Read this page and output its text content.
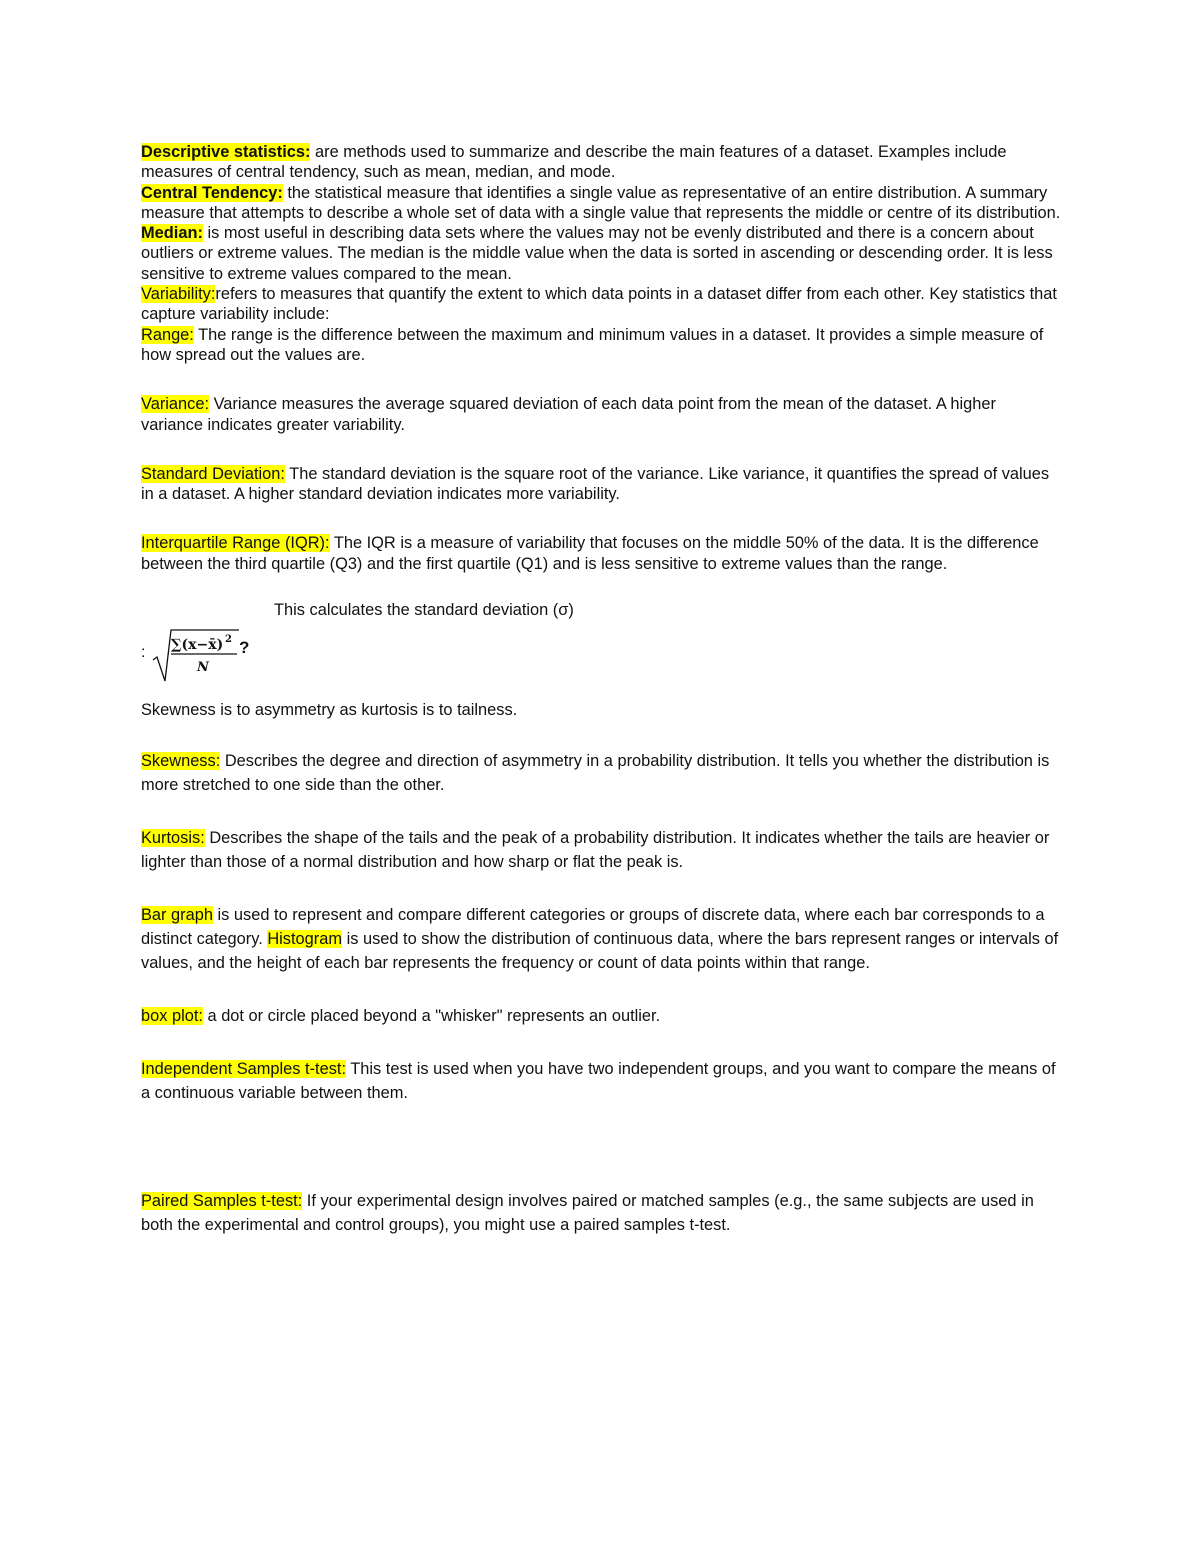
Descriptive statistics: are methods used to summarize and describe the main features of a dataset. Examples include measures of central tendency, such as mean, median, and mode.

Central Tendency: the statistical measure that identifies a single value as representative of an entire distribution. A summary measure that attempts to describe a whole set of data with a single value that represents the middle or centre of its distribution.

Median: is most useful in describing data sets where the values may not be evenly distributed and there is a concern about outliers or extreme values. The median is the middle value when the data is sorted in ascending or descending order. It is less sensitive to extreme values compared to the mean.

Variability:refers to measures that quantify the extent to which data points in a dataset differ from each other. Key statistics that capture variability include:

Range: The range is the difference between the maximum and minimum values in a dataset. It provides a simple measure of how spread out the values are.

Variance: Variance measures the average squared deviation of each data point from the mean of the dataset. A higher variance indicates greater variability.

Standard Deviation: The standard deviation is the square root of the variance. Like variance, it quantifies the spread of values in a dataset. A higher standard deviation indicates more variability.

Interquartile Range (IQR): The IQR is a measure of variability that focuses on the middle 50% of the data. It is the difference between the third quartile (Q3) and the first quartile (Q1) and is less sensitive to extreme values than the range.

This calculates the standard deviation (σ)

: ∑(x−x̄) 2
N
?

Skewness is to asymmetry as kurtosis is to tailness.

Skewness: Describes the degree and direction of asymmetry in a probability distribution. It tells you whether the distribution is more stretched to one side than the other.

Kurtosis: Describes the shape of the tails and the peak of a probability distribution. It indicates whether the tails are heavier or lighter than those of a normal distribution and how sharp or flat the peak is.

Bar graph is used to represent and compare different categories or groups of discrete data, where each bar corresponds to a distinct category. Histogram is used to show the distribution of continuous data, where the bars represent ranges or intervals of values, and the height of each bar represents the frequency or count of data points within that range.

box plot: a dot or circle placed beyond a "whisker" represents an outlier.

Independent Samples t-test: This test is used when you have two independent groups, and you want to compare the means of a continuous variable between them.

Paired Samples t-test: If your experimental design involves paired or matched samples (e.g., the same subjects are used in both the experimental and control groups), you might use a paired samples t-test.
